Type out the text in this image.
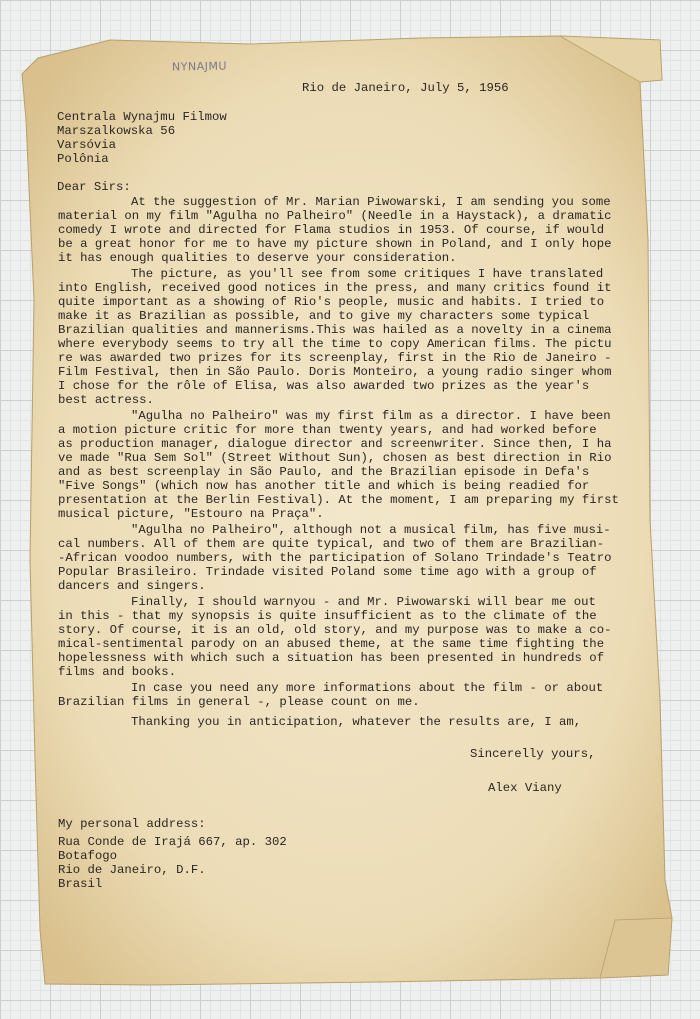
NYNAJMU
Rio de Janeiro, July 5, 1956
Centrala Wynajmu Filmow
Marszalkowska 56
Varsóvia
Polônia
Dear Sirs:
At the suggestion of Mr. Marian Piwowarski, I am sending you some
material on my film "Agulha no Palheiro" (Needle in a Haystack), a dramatic
comedy I wrote and directed for Flama studios in 1953. Of course, if would
be a great honor for me to have my picture shown in Poland, and I only hope
it has enough qualities to deserve your consideration.
The picture, as you'll see from some critiques I have translated
into English, received good notices in the press, and many critics found it
quite important as a showing of Rio's people, music and habits. I tried to
make it as Brazilian as possible, and to give my characters some typical
Brazilian qualities and mannerisms.This was hailed as a novelty in a cinema
where everybody seems to try all the time to copy American films. The pictu
re was awarded two prizes for its screenplay, first in the Rio de Janeiro -
Film Festival, then in São Paulo. Doris Monteiro, a young radio singer whom
I chose for the rôle of Elisa, was also awarded two prizes as the year's
best actress.
"Agulha no Palheiro" was my first film as a director. I have been
a motion picture critic for more than twenty years, and had worked before
as production manager, dialogue director and screenwriter. Since then, I ha
ve made "Rua Sem Sol" (Street Without Sun), chosen as best direction in Rio
and as best screenplay in São Paulo, and the Brazilian episode in Defa's
"Five Songs" (which now has another title and which is being readied for
presentation at the Berlin Festival). At the moment, I am preparing my first
musical picture, "Estouro na Praça".
"Agulha no Palheiro", although not a musical film, has five musi-
cal numbers. All of them are quite typical, and two of them are Brazilian-
-African voodoo numbers, with the participation of Solano Trindade's Teatro
Popular Brasileiro. Trindade visited Poland some time ago with a group of
dancers and singers.
Finally, I should warnyou - and Mr. Piwowarski will bear me out
in this - that my synopsis is quite insufficient as to the climate of the
story. Of course, it is an old, old story, and my purpose was to make a co-
mical-sentimental parody on an abused theme, at the same time fighting the
hopelessness with which such a situation has been presented in hundreds of
films and books.
In case you need any more informations about the film - or about
Brazilian films in general -, please count on me.
Thanking you in anticipation, whatever the results are, I am,
Sincerelly yours,
Alex Viany
My personal address:
Rua Conde de Irajá 667, ap. 302
Botafogo
Rio de Janeiro, D.F.
Brasil
